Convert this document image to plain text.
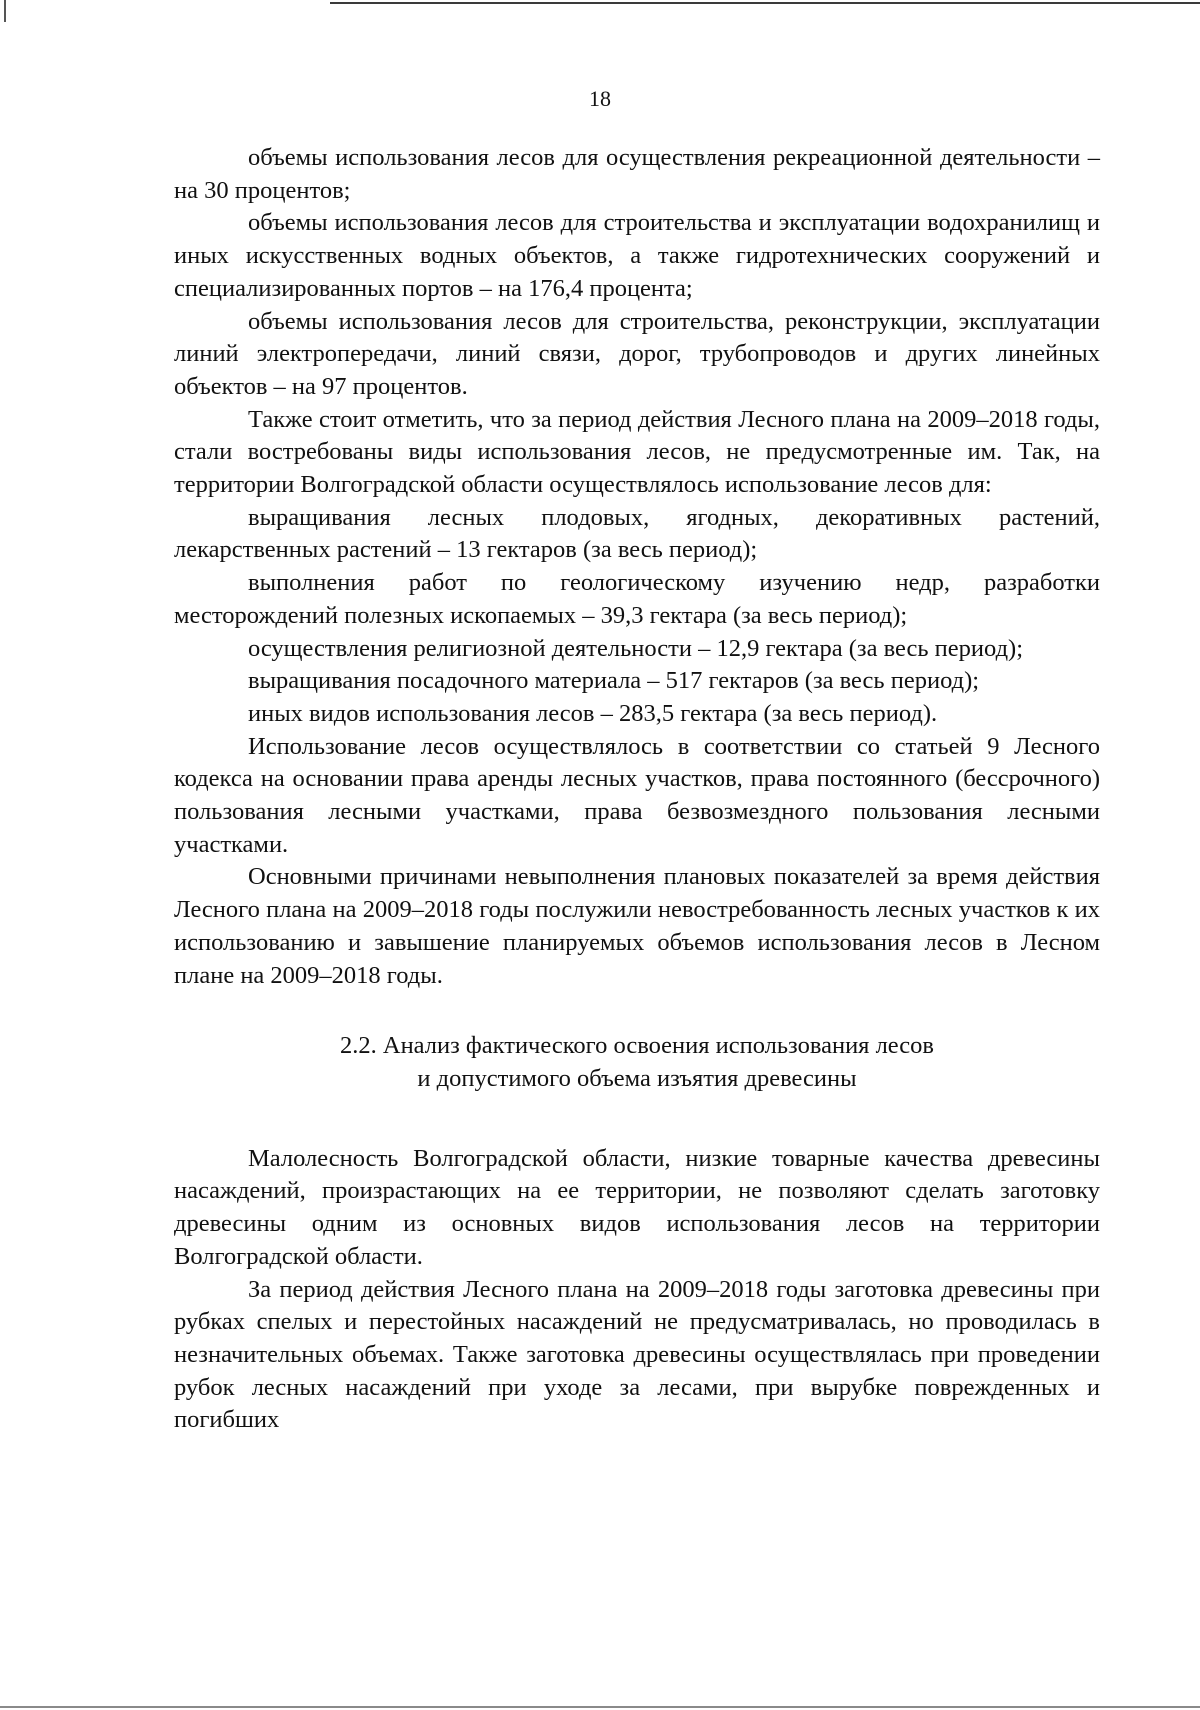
18

объемы использования лесов для осуществления рекреационной деятельности – на 30 процентов;

объемы использования лесов для строительства и эксплуатации водохранилищ и иных искусственных водных объектов, а также гидротехнических сооружений и специализированных портов – на 176,4 процента;

объемы использования лесов для строительства, реконструкции, эксплуатации линий электропередачи, линий связи, дорог, трубопроводов и других линейных объектов – на 97 процентов.

Также стоит отметить, что за период действия Лесного плана на 2009–2018 годы, стали востребованы виды использования лесов, не предусмотренные им. Так, на территории Волгоградской области осуществлялось использование лесов для:

выращивания лесных плодовых, ягодных, декоративных растений, лекарственных растений – 13 гектаров (за весь период);

выполнения работ по геологическому изучению недр, разработки месторождений полезных ископаемых – 39,3 гектара (за весь период);

осуществления религиозной деятельности – 12,9 гектара (за весь период);

выращивания посадочного материала – 517 гектаров (за весь период);

иных видов использования лесов – 283,5 гектара (за весь период).

Использование лесов осуществлялось в соответствии со статьей 9 Лесного кодекса на основании права аренды лесных участков, права постоянного (бессрочного) пользования лесными участками, права безвозмездного пользования лесными участками.

Основными причинами невыполнения плановых показателей за время действия Лесного плана на 2009–2018 годы послужили невостребованность лесных участков к их использованию и завышение планируемых объемов использования лесов в Лесном плане на 2009–2018 годы.

2.2. Анализ фактического освоения использования лесов
и допустимого объема изъятия древесины

Малолесность Волгоградской области, низкие товарные качества древесины насаждений, произрастающих на ее территории, не позволяют сделать заготовку древесины одним из основных видов использования лесов на территории Волгоградской области.

За период действия Лесного плана на 2009–2018 годы заготовка древесины при рубках спелых и перестойных насаждений не предусматривалась, но проводилась в незначительных объемах. Также заготовка древесины осуществлялась при проведении рубок лесных насаждений при уходе за лесами, при вырубке поврежденных и погибших
